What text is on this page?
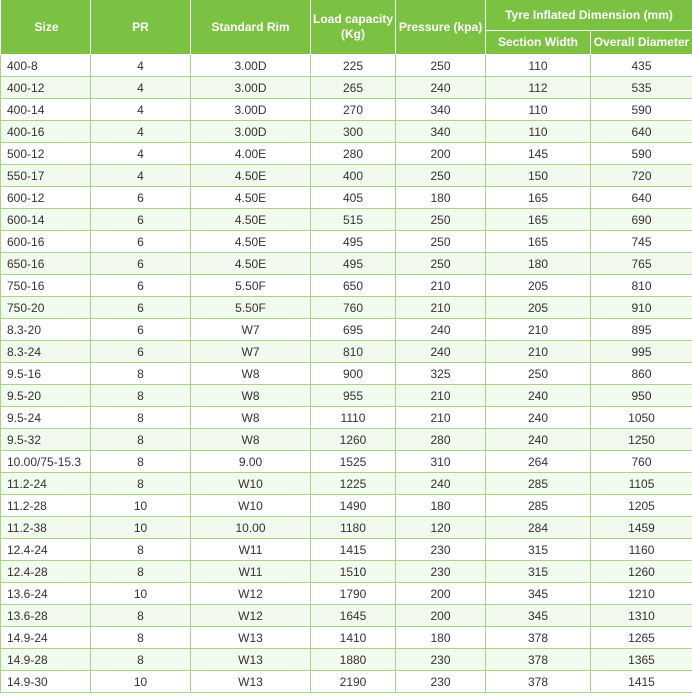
Size	PR	Standard Rim	Load capacity (Kg)	Pressure (kpa)	Tyre Inflated Dimension (mm)	
					Section Width	Overall Diameter
400-8	4	3.00D	225	250	110	435
400-12	4	3.00D	265	240	112	535
400-14	4	3.00D	270	340	110	590
400-16	4	3.00D	300	340	110	640
500-12	4	4.00E	280	200	145	590
550-17	4	4.50E	400	250	150	720
600-12	6	4.50E	405	180	165	640
600-14	6	4.50E	515	250	165	690
600-16	6	4.50E	495	250	165	745
650-16	6	4.50E	495	250	180	765
750-16	6	5.50F	650	210	205	810
750-20	6	5.50F	760	210	205	910
8.3-20	6	W7	695	240	210	895
8.3-24	6	W7	810	240	210	995
9.5-16	8	W8	900	325	250	860
9.5-20	8	W8	955	210	240	950
9.5-24	8	W8	1110	210	240	1050
9.5-32	8	W8	1260	280	240	1250
10.00/75-15.3	8	9.00	1525	310	264	760
11.2-24	8	W10	1225	240	285	1105
11.2-28	10	W10	1490	180	285	1205
11.2-38	10	10.00	1180	120	284	1459
12.4-24	8	W11	1415	230	315	1160
12.4-28	8	W11	1510	230	315	1260
13.6-24	10	W12	1790	200	345	1210
13.6-28	8	W12	1645	200	345	1310
14.9-24	8	W13	1410	180	378	1265
14.9-28	8	W13	1880	230	378	1365
14.9-30	10	W13	2190	230	378	1415
